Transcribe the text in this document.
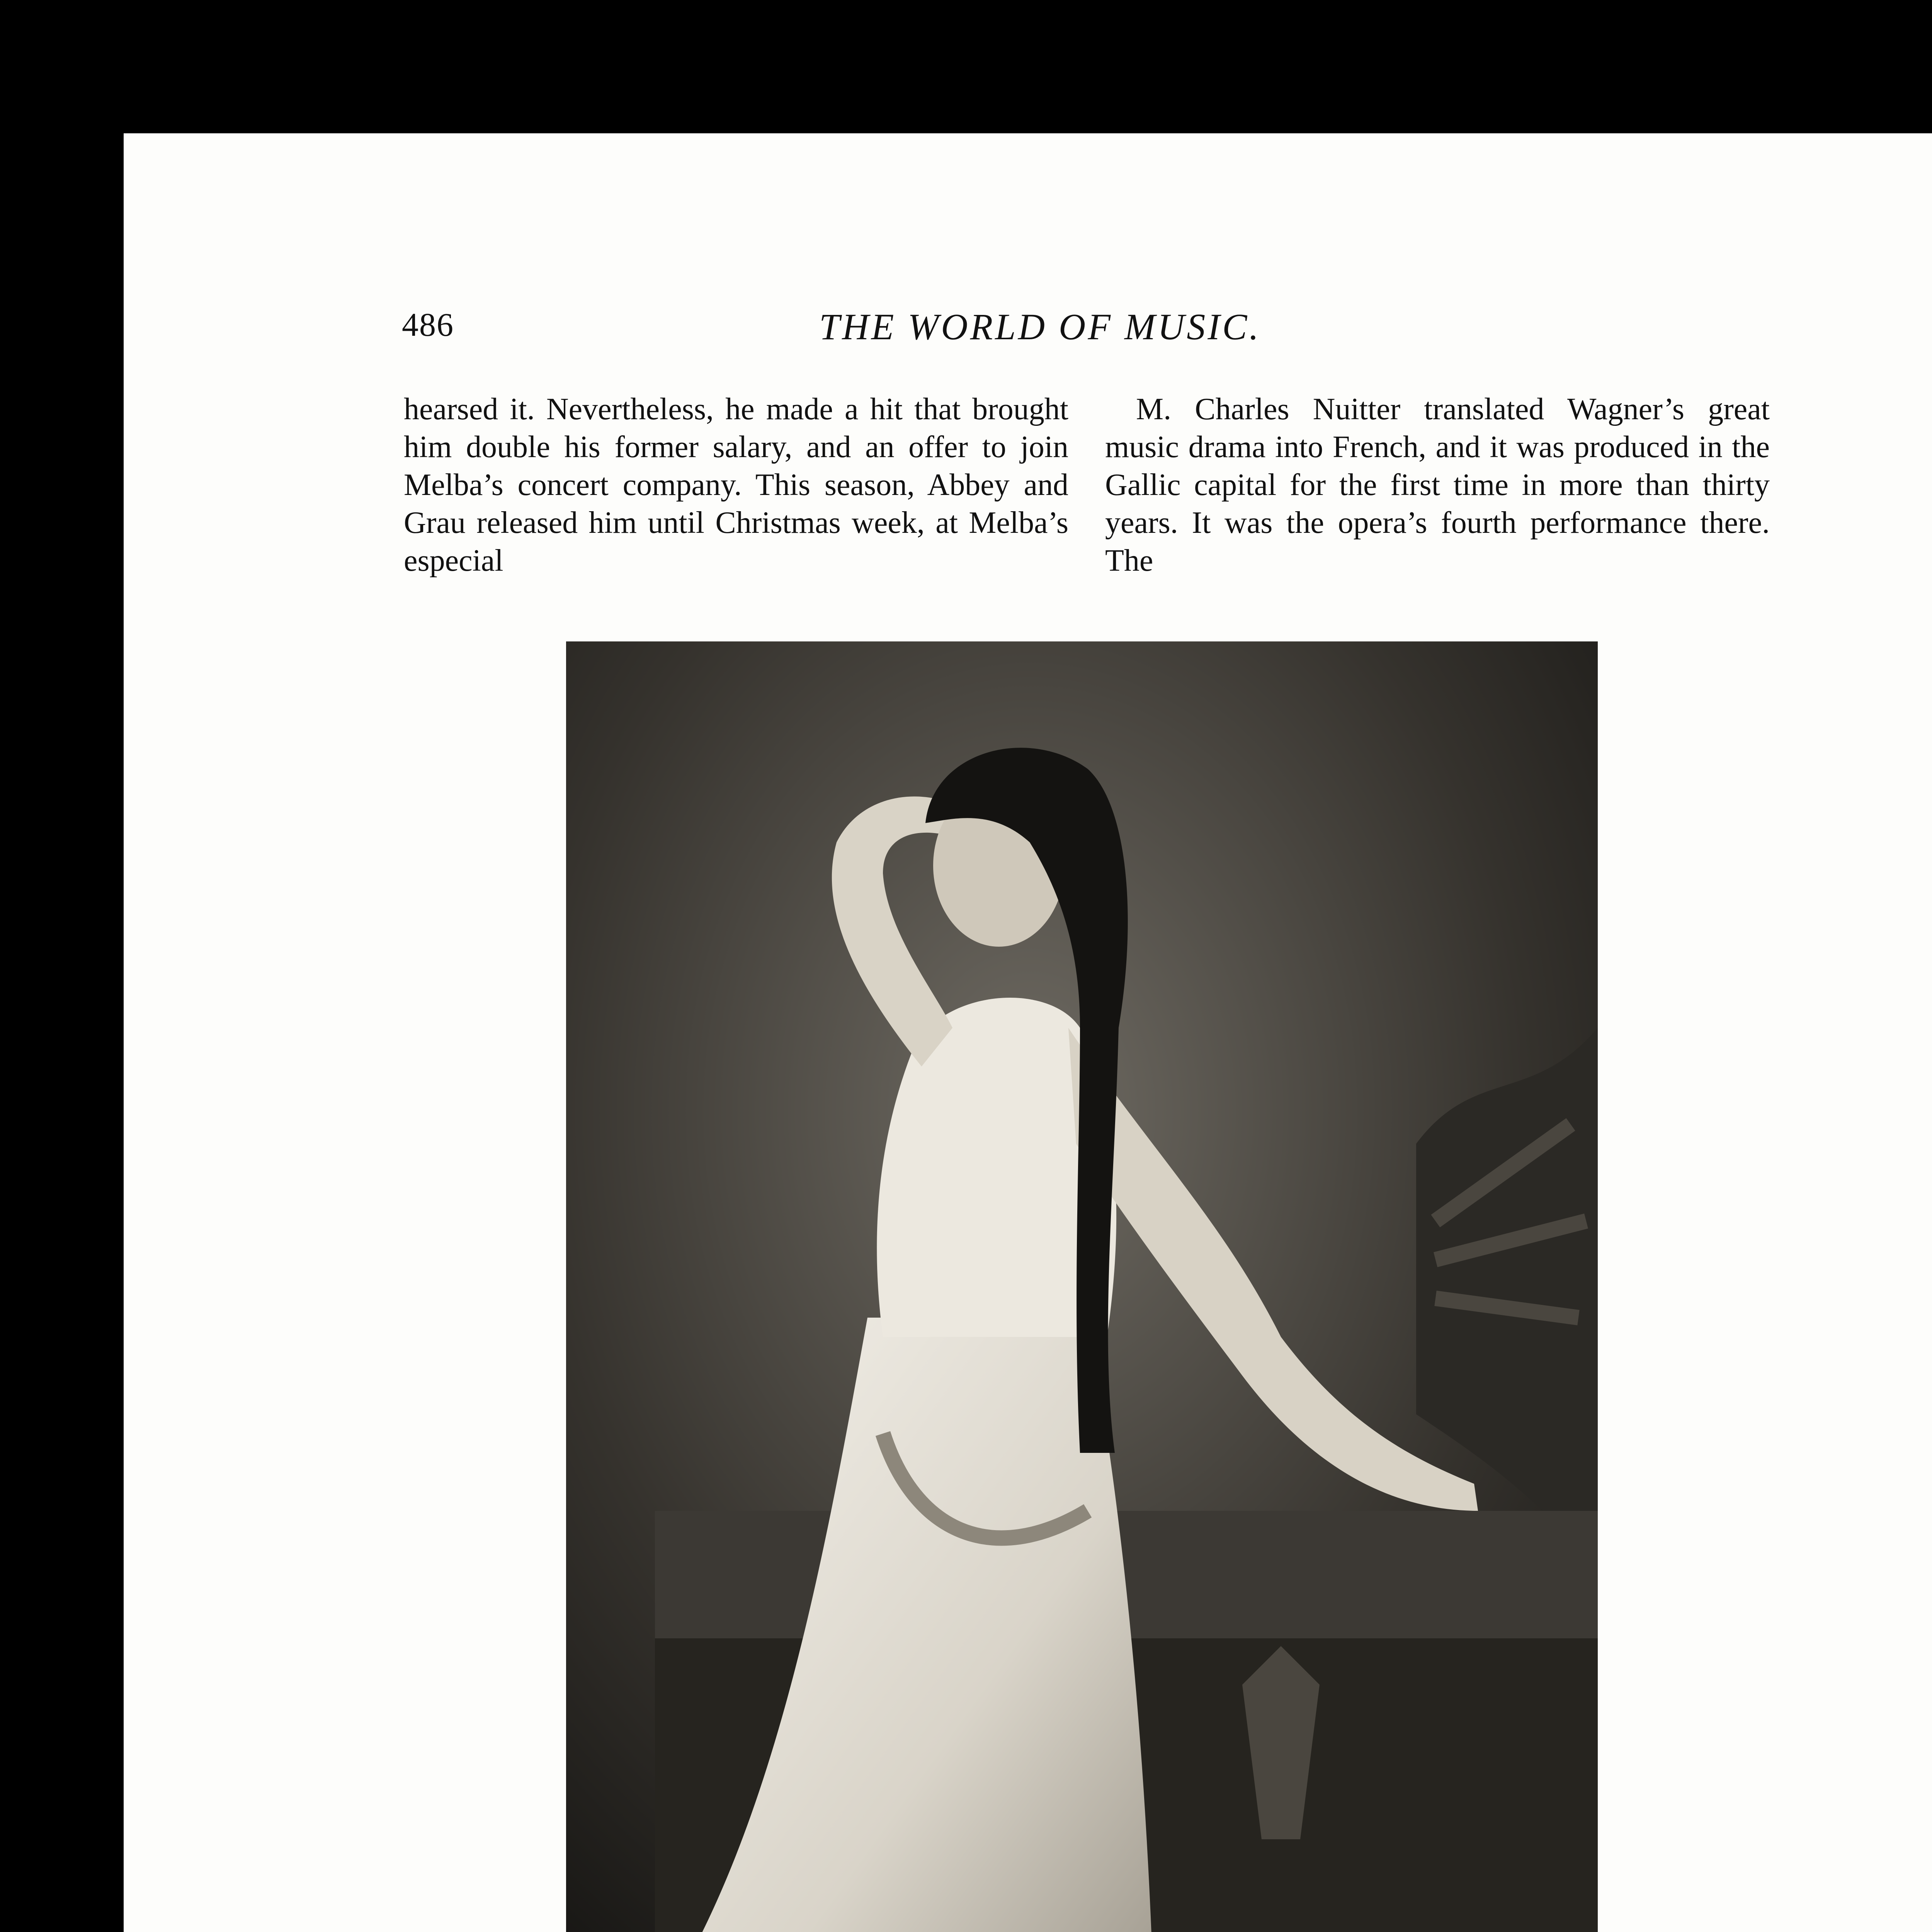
486	THE WORLD OF MUSIC.

hearsed it. Nevertheless, he made a hit that brought him double his former salary, and an offer to join Melba’s concert company. This season, Abbey and Grau released him until Christmas week, at Melba’s especial

M. Charles Nuitter translated Wagner’s great music drama into French, and it was produced in the Gallic capital for the first time in more than thirty years. It was the opera’s fourth performance there. The
